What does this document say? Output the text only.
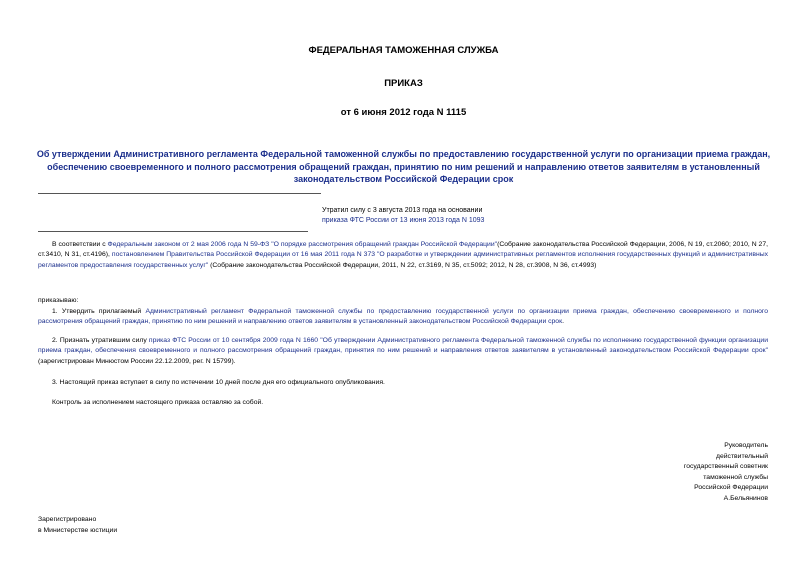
ФЕДЕРАЛЬНАЯ ТАМОЖЕННАЯ СЛУЖБА
ПРИКАЗ
от 6 июня 2012 года N 1115
Об утверждении Административного регламента Федеральной таможенной службы по предоставлению государственной услуги по организации приема граждан, обеспечению своевременного и полного рассмотрения обращений граждан, принятию по ним решений и направлению ответов заявителям в установленный законодательством Российской Федерации срок
Утратил силу с 3 августа 2013 года на основании
приказа ФТС России от 13 июня 2013 года N 1093
В соответствии с Федеральным законом от 2 мая 2006 года N 59-ФЗ "О порядке рассмотрения обращений граждан Российской Федерации"(Собрание законодательства Российской Федерации, 2006, N 19, ст.2060; 2010, N 27, ст.3410, N 31, ст.4196), постановлением Правительства Российской Федерации от 16 мая 2011 года N 373 "О разработке и утверждении административных регламентов исполнения государственных функций и административных регламентов предоставления государственных услуг" (Собрание законодательства Российской Федерации, 2011, N 22, ст.3169, N 35, ст.5092; 2012, N 28, ст.3908, N 36, ст.4993)
приказываю:
1. Утвердить прилагаемый Административный регламент Федеральной таможенной службы по предоставлению государственной услуги по организации приема граждан, обеспечению своевременного и полного рассмотрения обращений граждан, принятию по ним решений и направлению ответов заявителям в установленный законодательством Российской Федерации срок.
2. Признать утратившим силу приказ ФТС России от 10 сентября 2009 года N 1660 "Об утверждении Административного регламента Федеральной таможенной службы по исполнению государственной функции организации приема граждан, обеспечения своевременного и полного рассмотрения обращений граждан, принятия по ним решений и направления ответов заявителям в установленный законодательством Российской Федерации срок" (зарегистрирован Минюстом России 22.12.2009, рег. N 15799).
3. Настоящий приказ вступает в силу по истечении 10 дней после дня его официального опубликования.
Контроль за исполнением настоящего приказа оставляю за собой.
Руководитель
действительный
государственный советник
таможенной службы
Российской Федерации
А.Бельянинов
Зарегистрировано
в Министерстве юстиции
